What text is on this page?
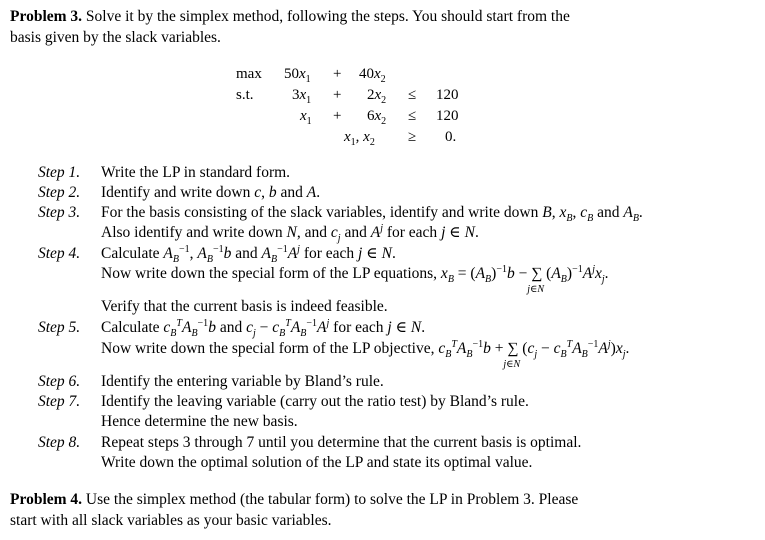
Problem 3. Solve it by the simplex method, following the steps. You should start from the
basis given by the slack variables.
$\max 50x_1 + 40x_2$
s.t.	$3x_1 + 2x_2 \le 120$
$x_1 + 6x_2 \le 120$
$x_1$, $x_2 \ge 0$.
Step 1. Write the LP in standard form.
Step 2. Identify and write down c, b and A.
Step 3. For the basis consisting of the slack variables, identify and write down B, $x_B$, $c_B$ and $A_B$.
Also identify and write down N, and $c_j$ and $A^j$ for each j ∈ N.
Step 4. Calculate $A_B^{-1}$, $A_B^{-1}b$ and $A_B^{-1}A^j$ for each j ∈ N.
Now write down the special form of the LP equations, $x_B = (A_B)^{-1}b$ − ∑
j∈N
$(A_B)^{-1}A^jx_j$.
Verify that the current basis is indeed feasible.
Step 5. Calculate $c_B^TA_B^{-1}b$ and $c_j - c_B^TA_B^{-1}A^j$ for each j ∈ N.
Now write down the special form of the LP objective, $c_B^TA_B^{-1}b$ + ∑
j∈N
$(c_j - c_B^TA_B^{-1}A^j)x_j$.
Step 6. Identify the entering variable by Bland’s rule.
Step 7. Identify the leaving variable (carry out the ratio test) by Bland’s rule.
Hence determine the new basis.
Step 8. Repeat steps 3 through 7 until you determine that the current basis is optimal.
Write down the optimal solution of the LP and state its optimal value.
Problem 4. Use the simplex method (the tabular form) to solve the LP in Problem 3. Please
start with all slack variables as your basic variables.
